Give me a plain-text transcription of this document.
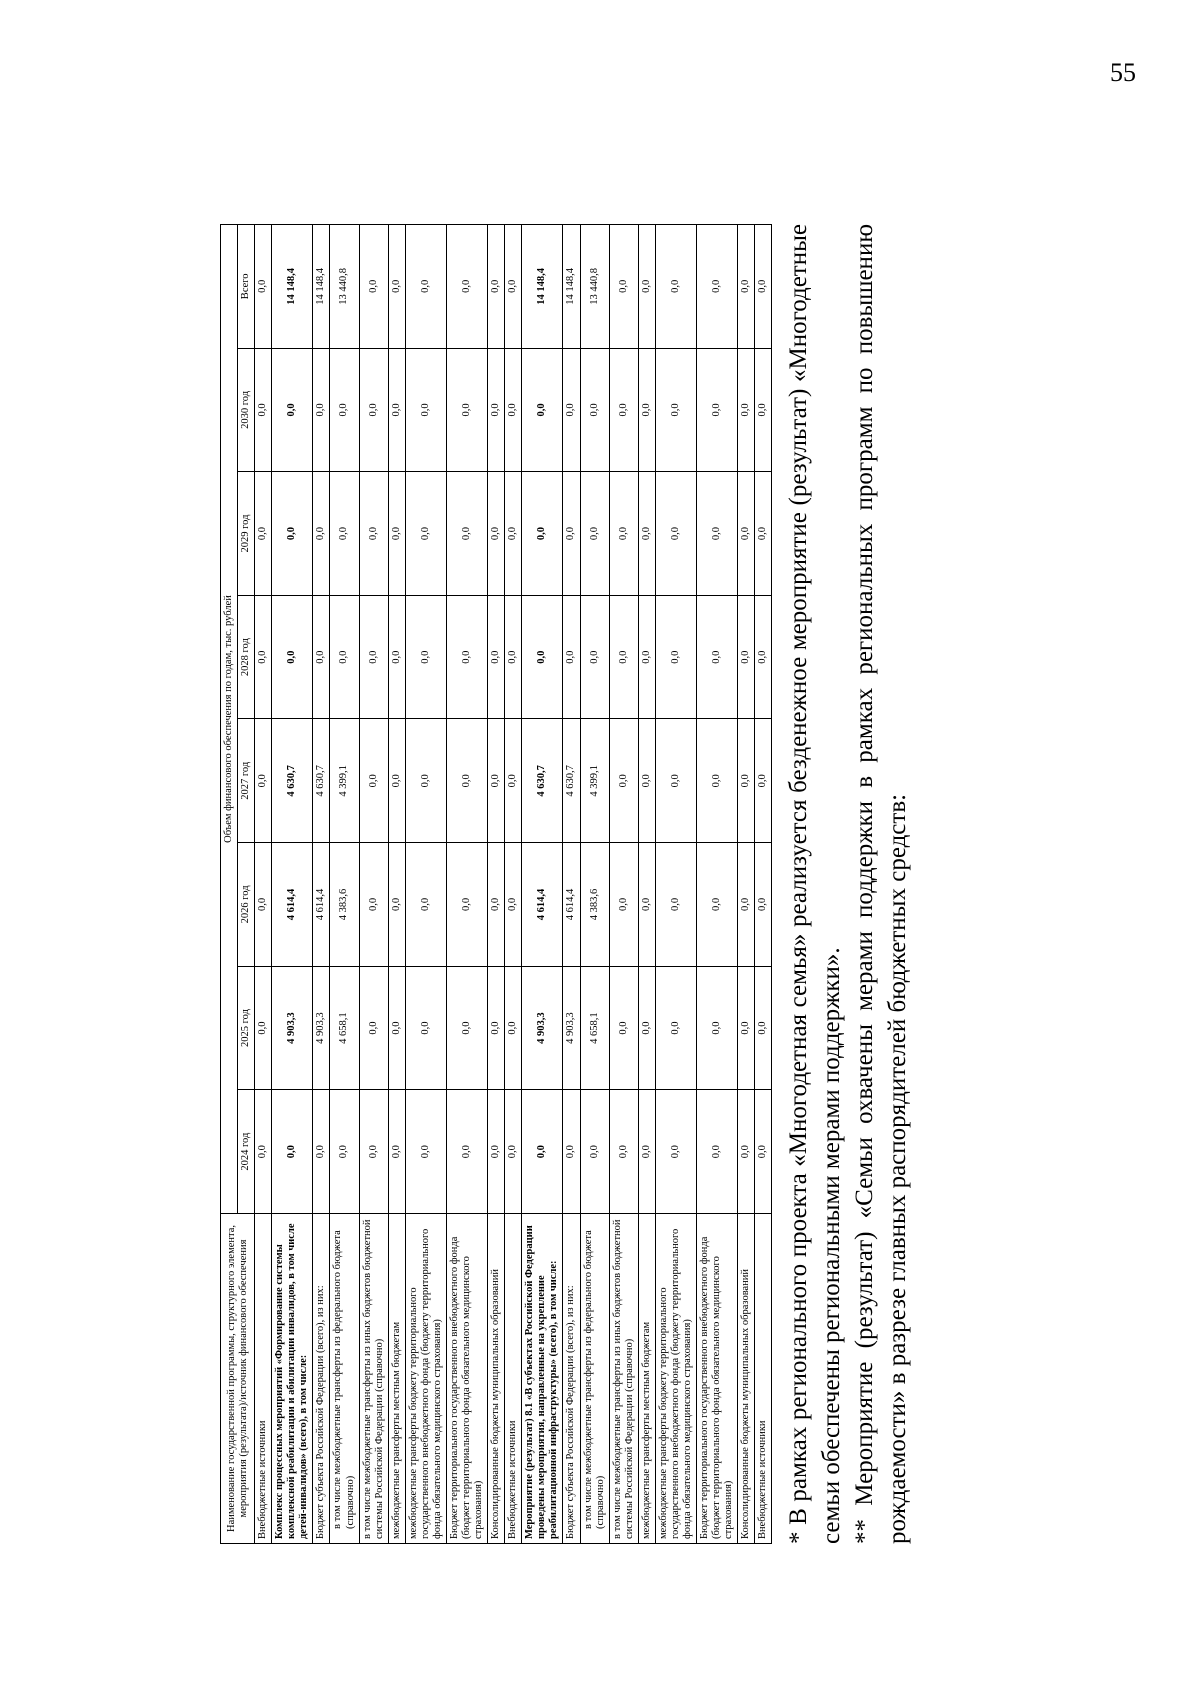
55
Наименование государственной программы, структурного элемента, мероприятия (результата)/источник финансового обеспечения	Объем финансового обеспечения по годам, тыс. рублей							
	2024 год	2025 год	2026 год	2027 год	2028 год	2029 год	2030 год	Всего
Внебюджетные источники	0,0	0,0	0,0	0,0	0,0	0,0	0,0	0,0
Комплекс процессных мероприятий «Формирование системы комплексной реабилитации и абилитации инвалидов, в том числе детей-инвалидов» (всего), в том числе:	0,0	4 903,3	4 614,4	4 630,7	0,0	0,0	0,0	14 148,4
Бюджет субъекта Российской Федерации (всего), из них:	0,0	4 903,3	4 614,4	4 630,7	0,0	0,0	0,0	14 148,4
в том числе межбюджетные трансферты из федерального бюджета (справочно)	0,0	4 658,1	4 383,6	4 399,1	0,0	0,0	0,0	13 440,8
в том числе межбюджетные трансферты из иных бюджетов бюджетной системы Российской Федерации (справочно)	0,0	0,0	0,0	0,0	0,0	0,0	0,0	0,0
межбюджетные трансферты местным бюджетам	0,0	0,0	0,0	0,0	0,0	0,0	0,0	0,0
межбюджетные трансферты бюджету территориального государственного внебюджетного фонда (бюджету территориального фонда обязательного медицинского страхования)	0,0	0,0	0,0	0,0	0,0	0,0	0,0	0,0
Бюджет территориального государственного внебюджетного фонда (бюджет территориального фонда обязательного медицинского страхования)	0,0	0,0	0,0	0,0	0,0	0,0	0,0	0,0
Консолидированные бюджеты муниципальных образований	0,0	0,0	0,0	0,0	0,0	0,0	0,0	0,0
Внебюджетные источники	0,0	0,0	0,0	0,0	0,0	0,0	0,0	0,0
Мероприятие (результат) 8.1 «В субъектах Российской Федерации проведены мероприятия, направленные на укрепление реабилитационной инфраструктуры» (всего), в том числе:	0,0	4 903,3	4 614,4	4 630,7	0,0	0,0	0,0	14 148,4
Бюджет субъекта Российской Федерации (всего), из них:	0,0	4 903,3	4 614,4	4 630,7	0,0	0,0	0,0	14 148,4
в том числе межбюджетные трансферты из федерального бюджета (справочно)	0,0	4 658,1	4 383,6	4 399,1	0,0	0,0	0,0	13 440,8
в том числе межбюджетные трансферты из иных бюджетов бюджетной системы Российской Федерации (справочно)	0,0	0,0	0,0	0,0	0,0	0,0	0,0	0,0
межбюджетные трансферты местным бюджетам	0,0	0,0	0,0	0,0	0,0	0,0	0,0	0,0
межбюджетные трансферты бюджету территориального государственного внебюджетного фонда (бюджету территориального фонда обязательного медицинского страхования)	0,0	0,0	0,0	0,0	0,0	0,0	0,0	0,0
Бюджет территориального государственного внебюджетного фонда (бюджет территориального фонда обязательного медицинского страхования)	0,0	0,0	0,0	0,0	0,0	0,0	0,0	0,0
Консолидированные бюджеты муниципальных образований	0,0	0,0	0,0	0,0	0,0	0,0	0,0	0,0
Внебюджетные источники	0,0	0,0	0,0	0,0	0,0	0,0	0,0	0,0 * В рамках регионального проекта «Многодетная семья» реализуется безденежное мероприятие (результат) «Многодетные семьи обеспечены региональными мерами поддержки». ** Мероприятие (результат) «Семьи охвачены мерами поддержки в рамках региональных программ по повышению рождаемости» в разрезе главных распорядителей бюджетных средств:
